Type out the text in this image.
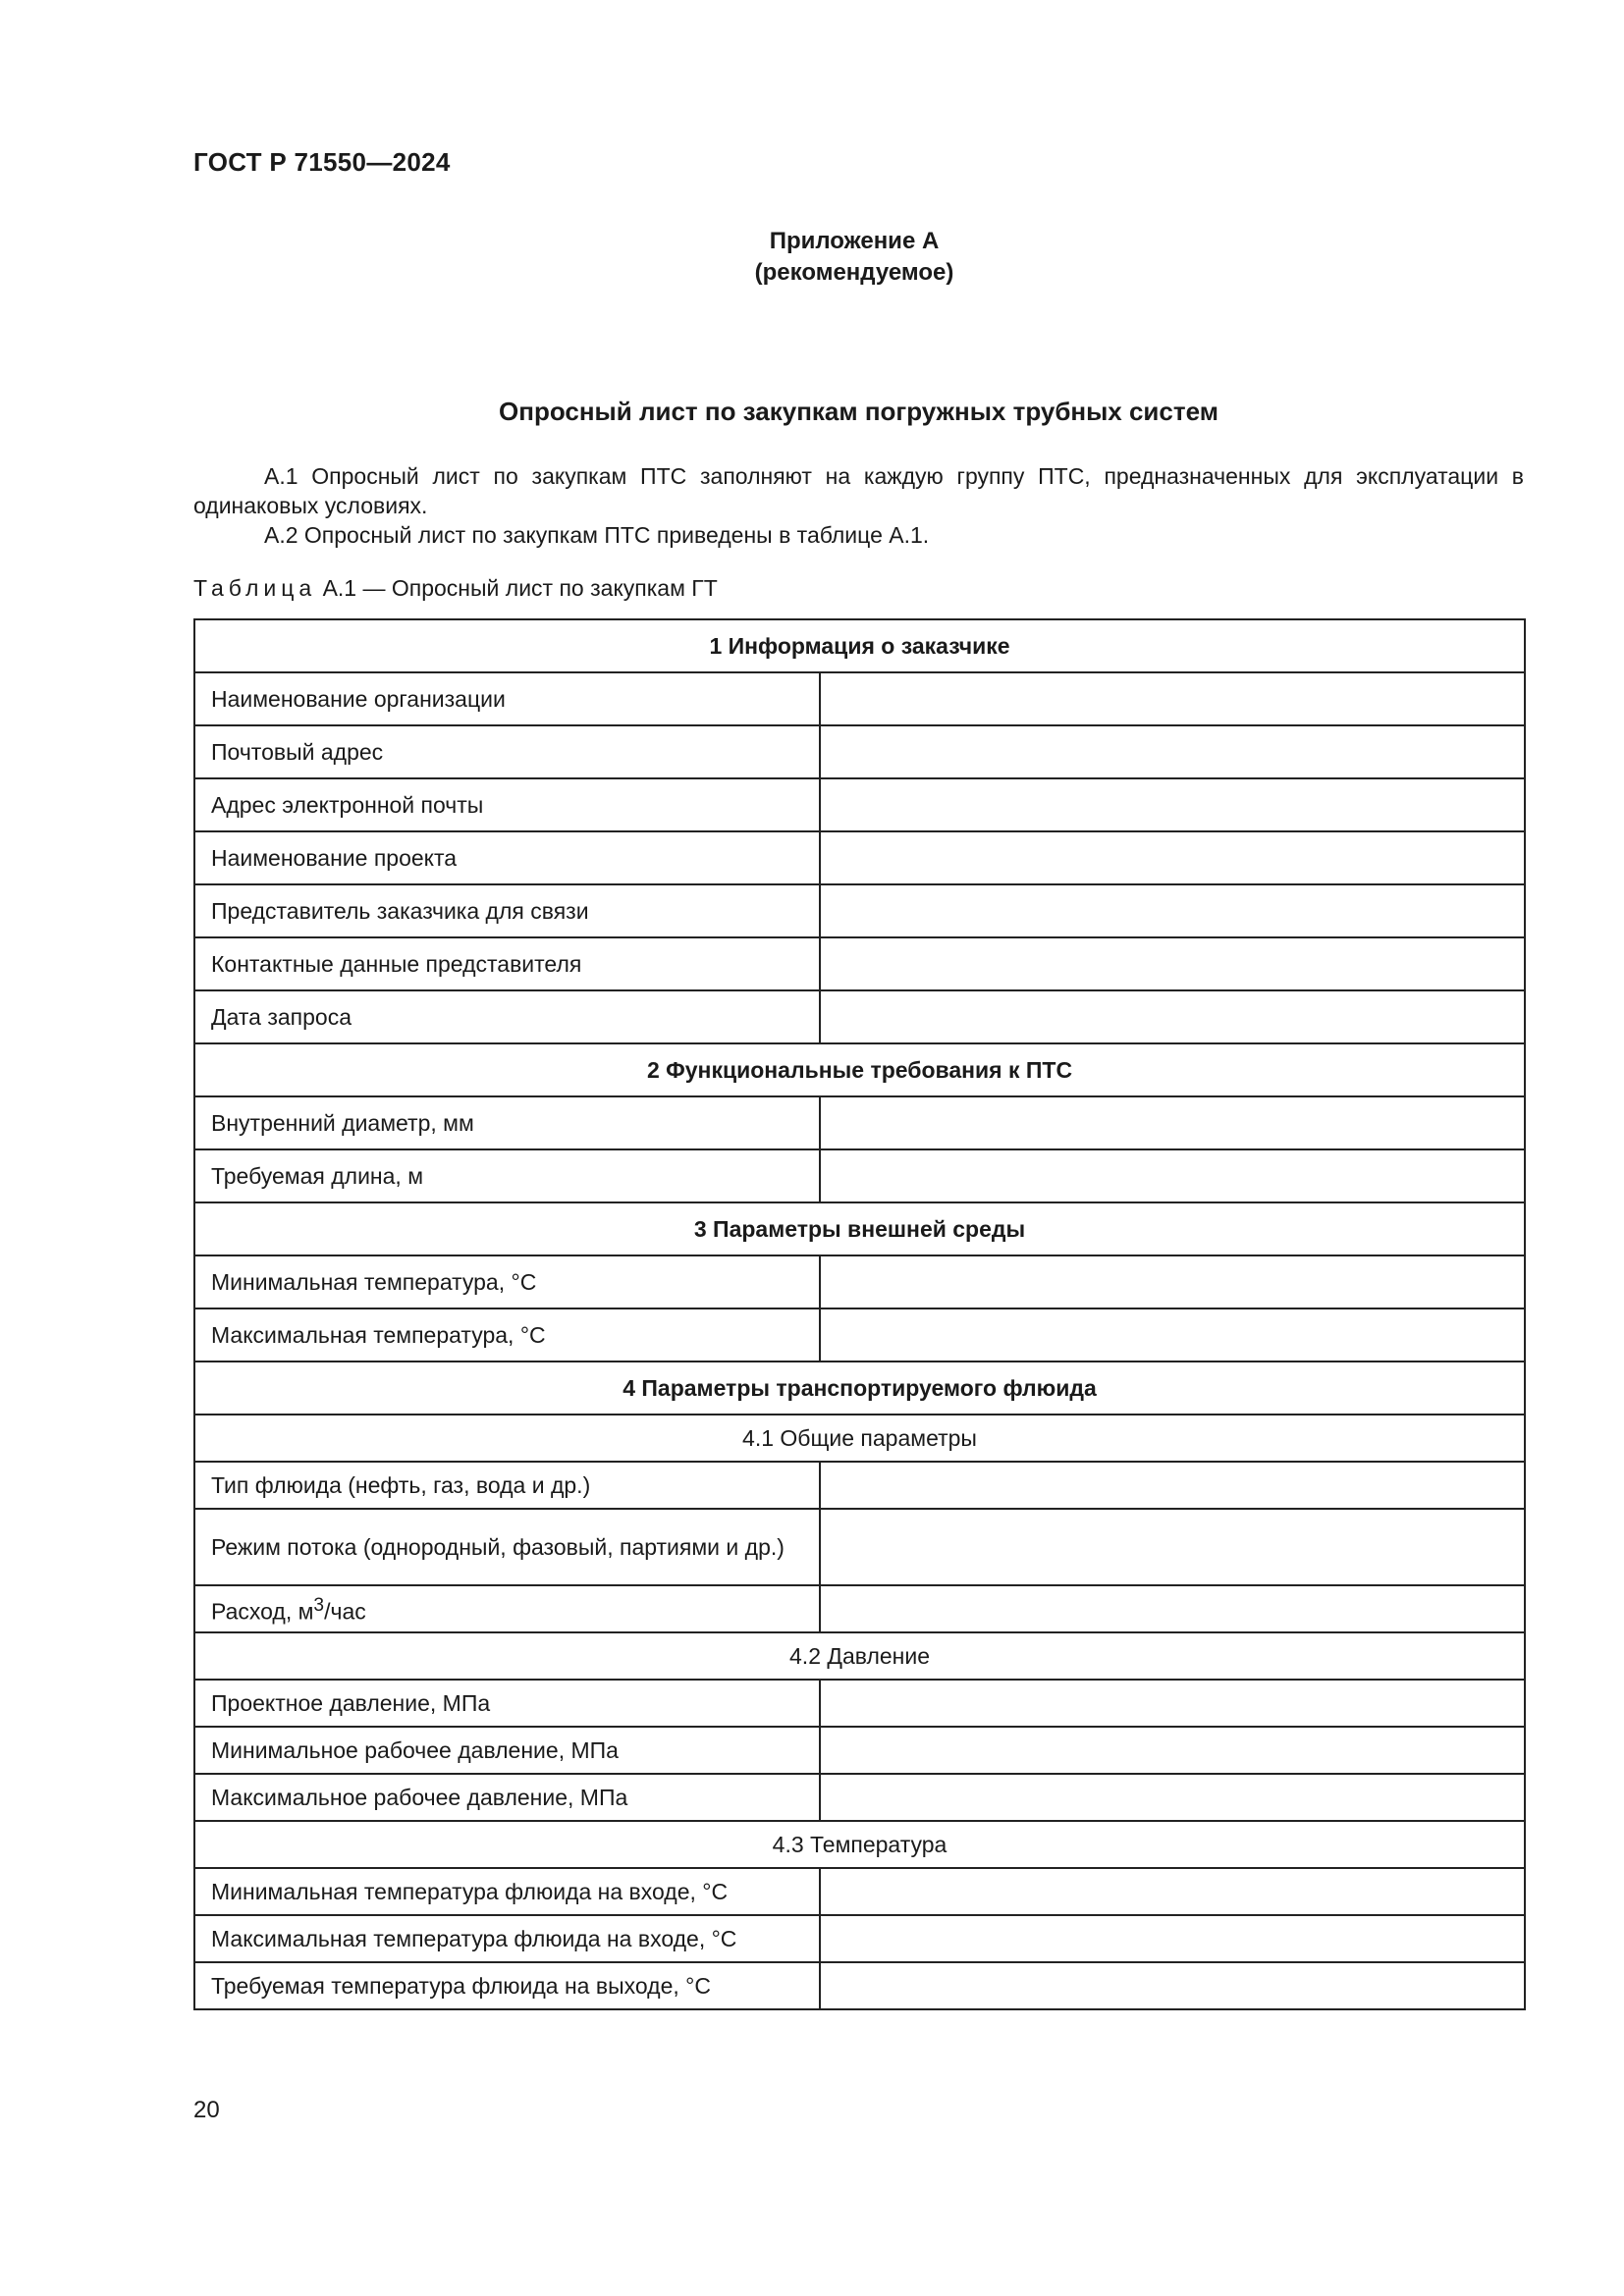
ГОСТ Р 71550—2024
Приложение А
(рекомендуемое)
Опросный лист по закупкам погружных трубных систем
А.1 Опросный лист по закупкам ПТС заполняют на каждую группу ПТС, предназначенных для эксплуатации в одинаковых условиях.
А.2 Опросный лист по закупкам ПТС приведены в таблице А.1.
Таблица А.1 — Опросный лист по закупкам ГТ
1 Информация о заказчике	
Наименование организации	
Почтовый адрес	
Адрес электронной почты	
Наименование проекта	
Представитель заказчика для связи	
Контактные данные представителя	
Дата запроса	
2 Функциональные требования к ПТС	
Внутренний диаметр, мм	
Требуемая длина, м	
3 Параметры внешней среды	
Минимальная температура, °С	
Максимальная температура, °С	
4 Параметры транспортируемого флюида	
4.1 Общие параметры	
Тип флюида (нефть, газ, вода и др.)	
Режим потока (однородный, фазовый, партиями и др.)	
Расход, $м^3$/час	
4.2 Давление	
Проектное давление, МПа	
Минимальное рабочее давление, МПа	
Максимальное рабочее давление, МПа	
4.3 Температура	
Минимальная температура флюида на входе, °С	
Максимальная температура флюида на входе, °С	
Требуемая температура флюида на выходе, °С	
20
